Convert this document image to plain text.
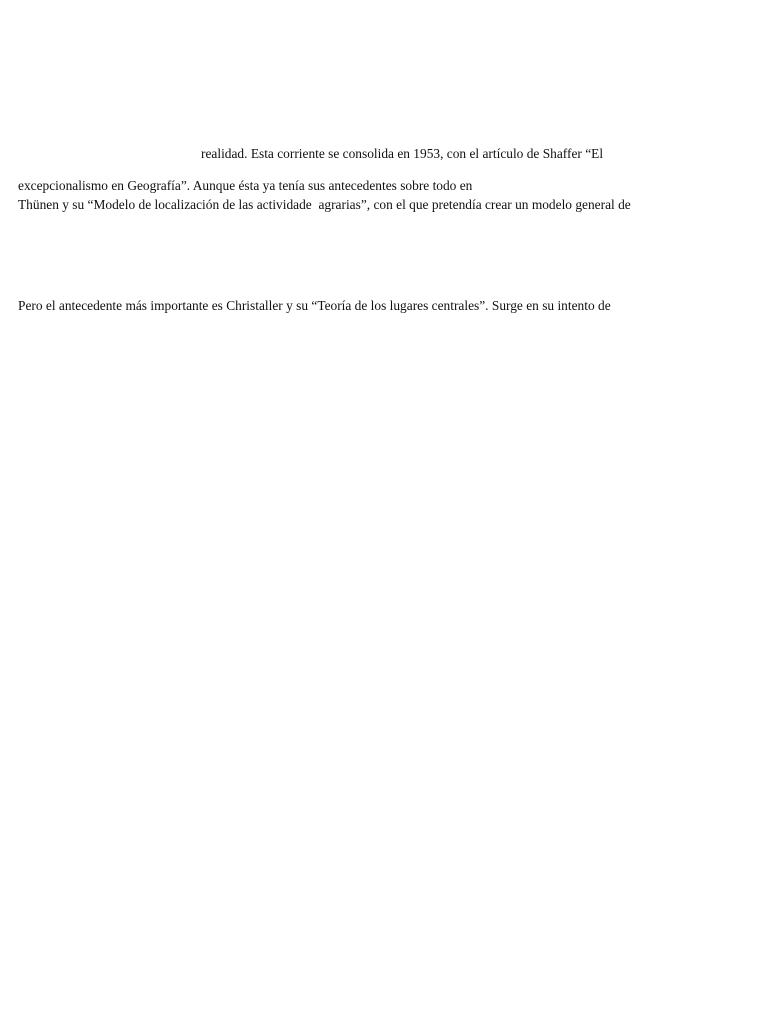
realidad. Esta corriente se consolida en 1953, con el artículo de Shaffer “El

excepcionalismo en Geografía”. Aunque ésta ya tenía sus antecedentes sobre todo en

Thünen y su “Modelo de localización de las actividade  agrarias”, con el que pretendía crear un modelo general de

Pero el antecedente más importante es Christaller y su “Teoría de los lugares centrales”. Surge en su intento de
